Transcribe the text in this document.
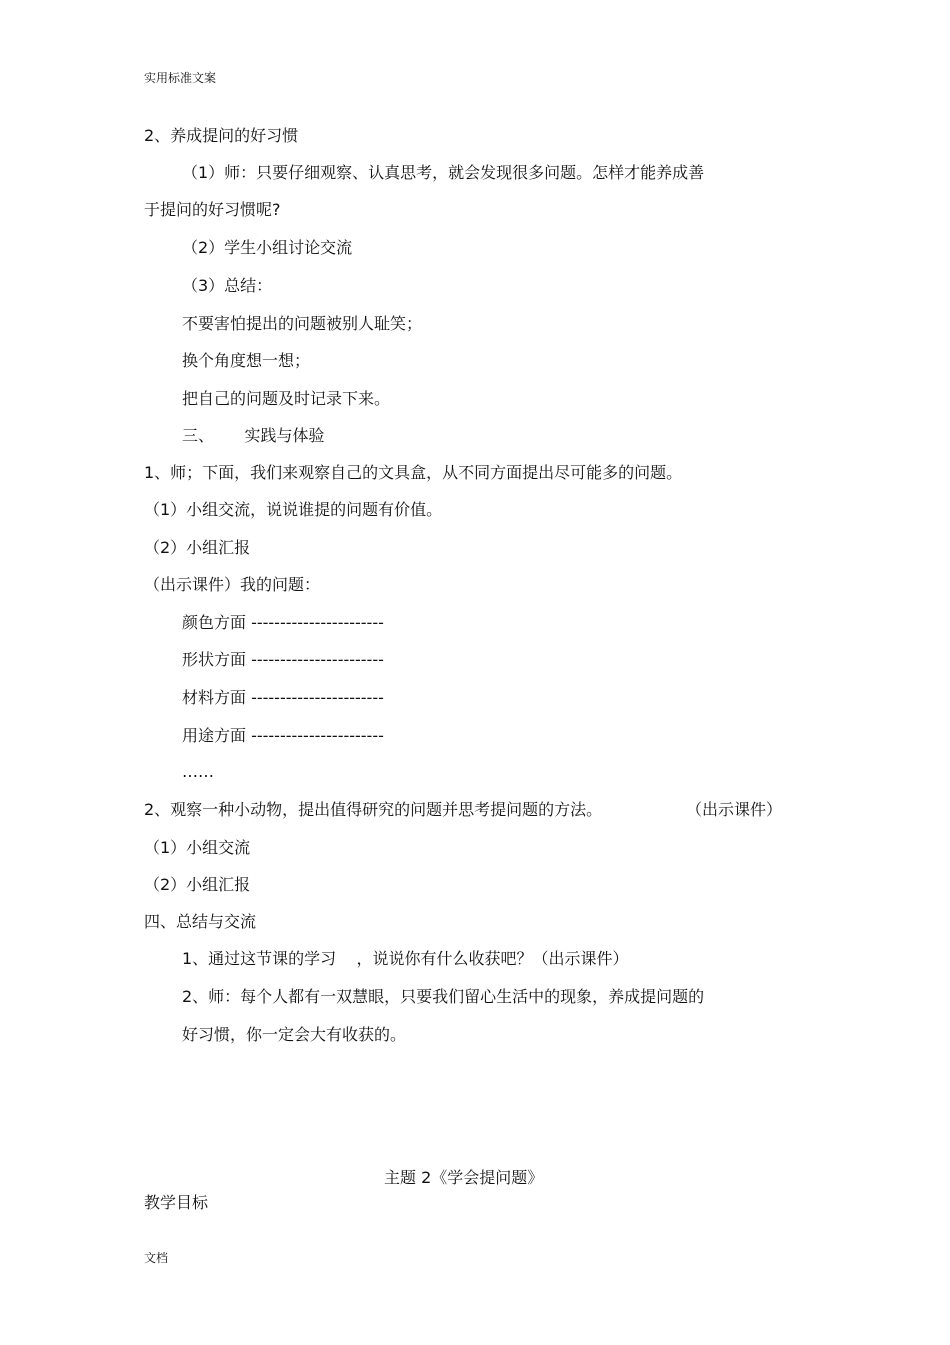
实用标准文案
2、养成提问的好习惯
（1）师：只要仔细观察、认真思考，就会发现很多问题。怎样才能养成善
于提问的好习惯呢?
（2）学生小组讨论交流
（3）总结：
不要害怕提出的问题被别人耻笑；
换个角度想一想；
把自己的问题及时记录下来。
三、      实践与体验
1、师；下面，我们来观察自己的文具盒，从不同方面提出尽可能多的问题。
（1）小组交流，说说谁提的问题有价值。
（2）小组汇报
（出示课件）我的问题：
颜色方面 -----------------------
形状方面 -----------------------
材料方面 -----------------------
用途方面 -----------------------
……
2、观察一种小动物，提出值得研究的问题并思考提问题的方法。	（出示课件）
（1）小组交流
（2）小组汇报
四、总结与交流
1、通过这节课的学习    ，说说你有什么收获吧？（出示课件）
2、师：每个人都有一双慧眼，只要我们留心生活中的现象，养成提问题的
好习惯，你一定会大有收获的。
主题 2《学会提问题》
教学目标
文档
